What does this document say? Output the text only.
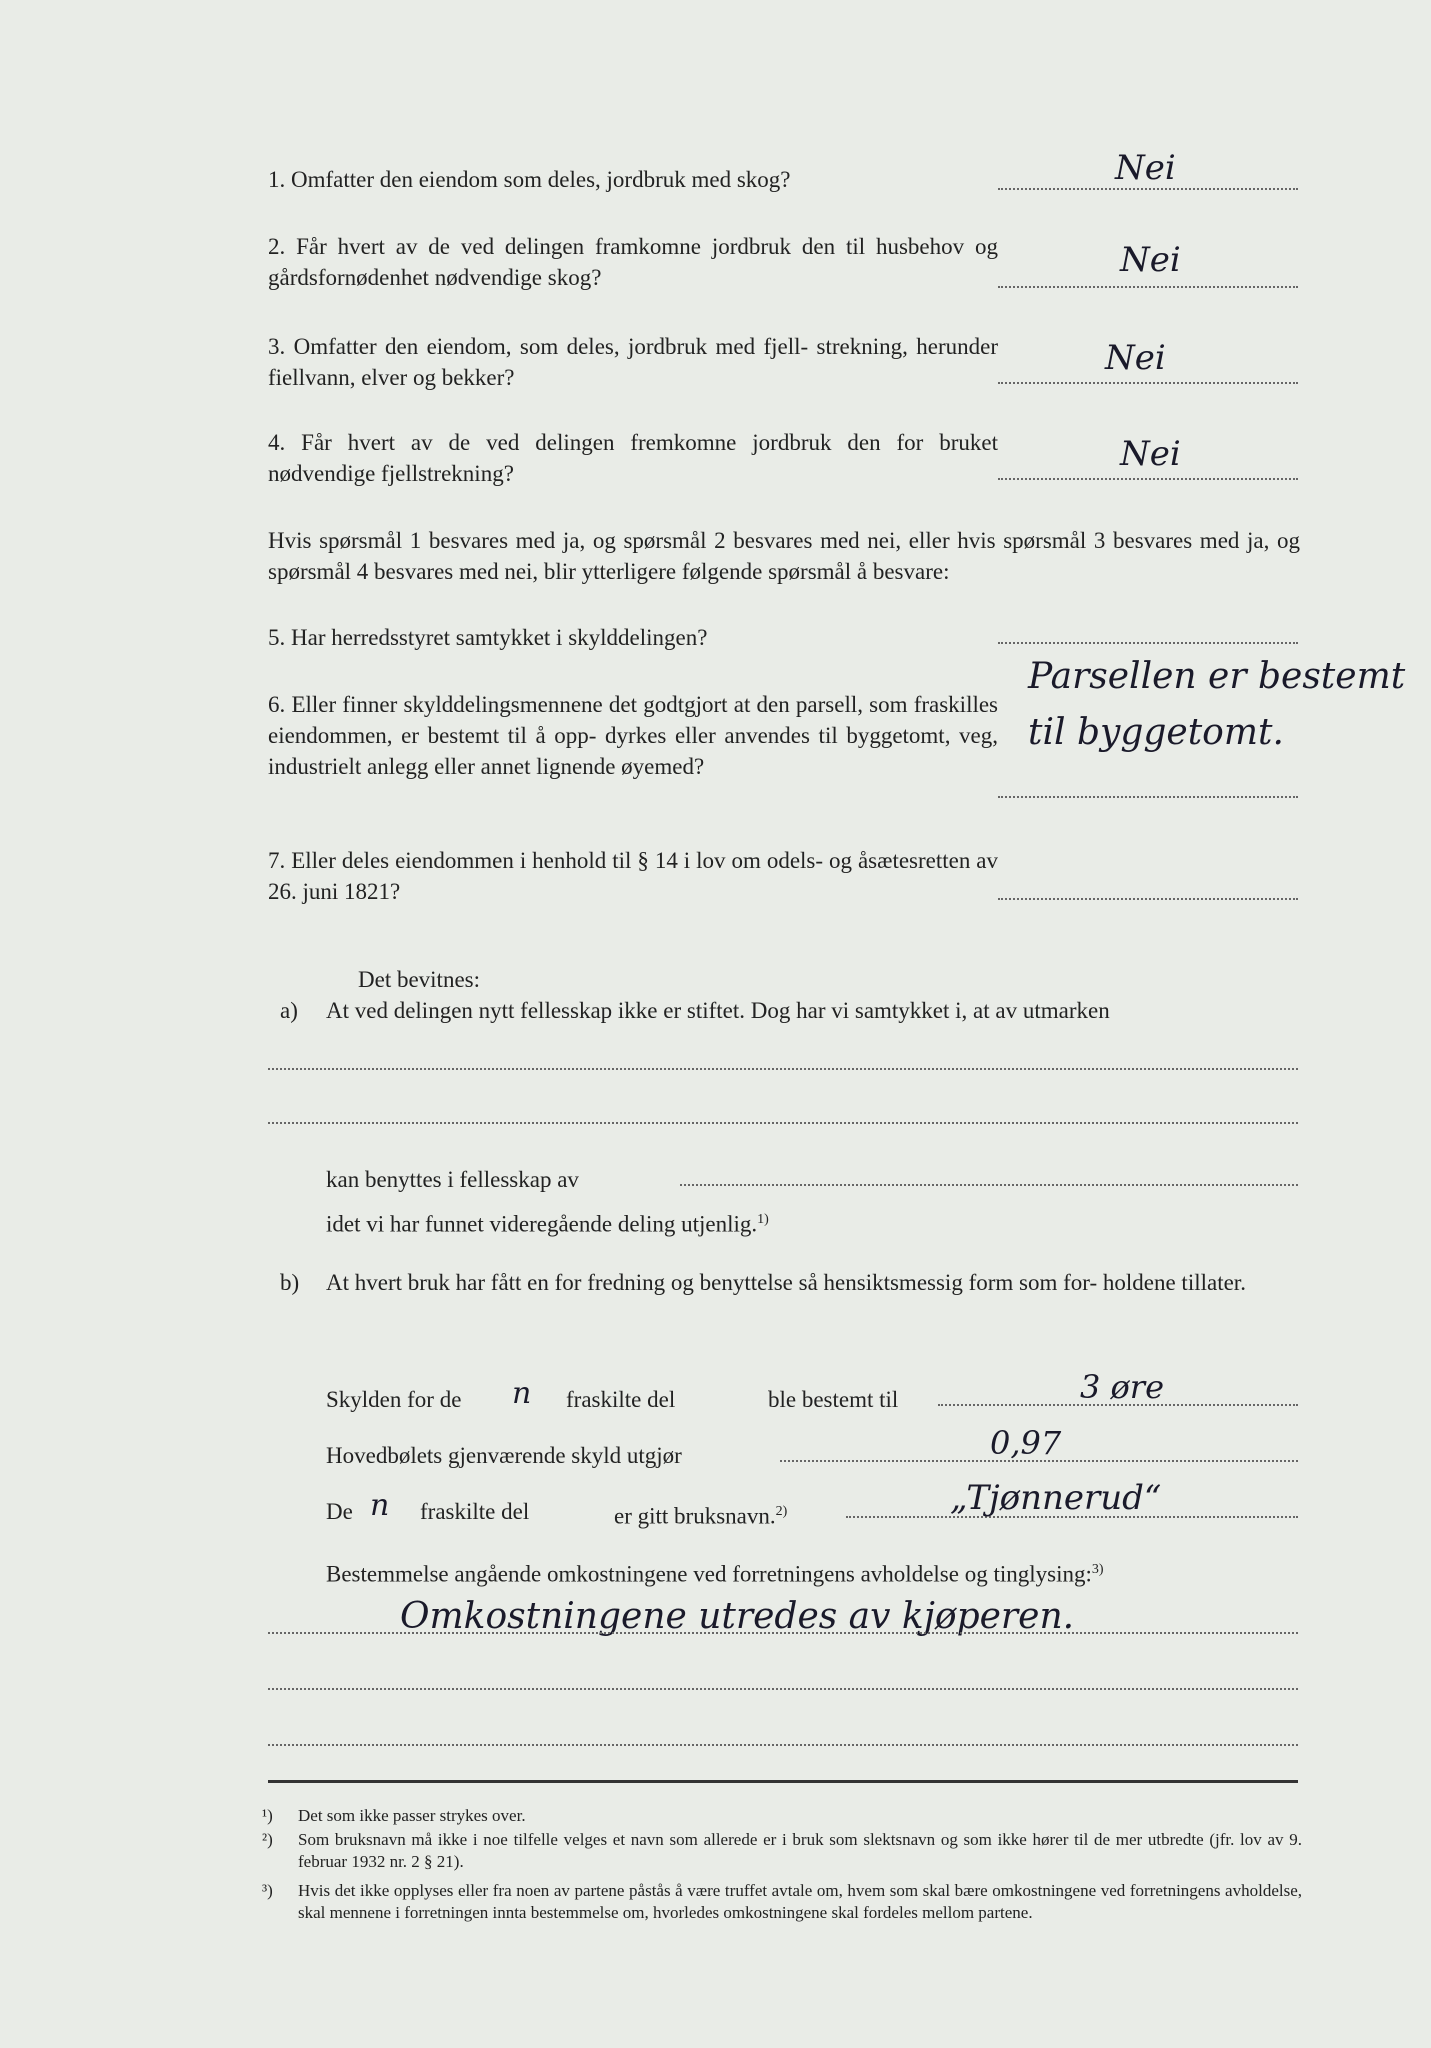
1. Omfatter den eiendom som deles, jordbruk med skog?	Nei
2. Får hvert av de ved delingen framkomne jordbruk den til husbehov og gårdsfornødenhet nødvendige skog?	Nei
3. Omfatter den eiendom, som deles, jordbruk med fjell- strekning, herunder fiellvann, elver og bekker?	Nei
4. Får hvert av de ved delingen fremkomne jordbruk den for bruket nødvendige fjellstrekning?	Nei
Hvis spørsmål 1 besvares med ja, og spørsmål 2 besvares med nei, eller hvis spørsmål 3 besvares med ja, og spørsmål 4 besvares med nei, blir ytterligere følgende spørsmål å besvare:
5. Har herredsstyret samtykket i skylddelingen?
6. Eller finner skylddelingsmennene det godtgjort at den parsell, som fraskilles eiendommen, er bestemt til å opp- dyrkes eller anvendes til byggetomt, veg, industrielt anlegg eller annet lignende øyemed?
Parsellen er bestemt
til byggetomt.
7. Eller deles eiendommen i henhold til § 14 i lov om odels- og åsætesretten av 26. juni 1821?
Det bevitnes:
a) At ved delingen nytt fellesskap ikke er stiftet. Dog har vi samtykket i, at av utmarken
kan benyttes i fellesskap av
idet vi har funnet videregående deling utjenlig.$^{1)}$
b) At hvert bruk har fått en for fredning og benyttelse så hensiktsmessig form som for- holdene tillater.
Skylden for de n fraskilte del	ble bestemt til	3 øre
Hovedbølets gjenværende skyld utgjør	0,97
De n fraskilte del	er gitt bruksnavn.$^{2)}$	„Tjønnerud“
Bestemmelse angående omkostningene ved forretningens avholdelse og tinglysing:$^{3)}$
Omkostningene utredes av kjøperen.
¹)	Det som ikke passer strykes over.
²)	Som bruksnavn må ikke i noe tilfelle velges et navn som allerede er i bruk som slektsnavn og som ikke hører til de mer utbredte (jfr. lov av 9. februar 1932 nr. 2 § 21).
³)	Hvis det ikke opplyses eller fra noen av partene påstås å være truffet avtale om, hvem som skal bære omkostningene ved forretningens avholdelse, skal mennene i forretningen innta bestemmelse om, hvorledes omkostningene skal fordeles mellom partene.
